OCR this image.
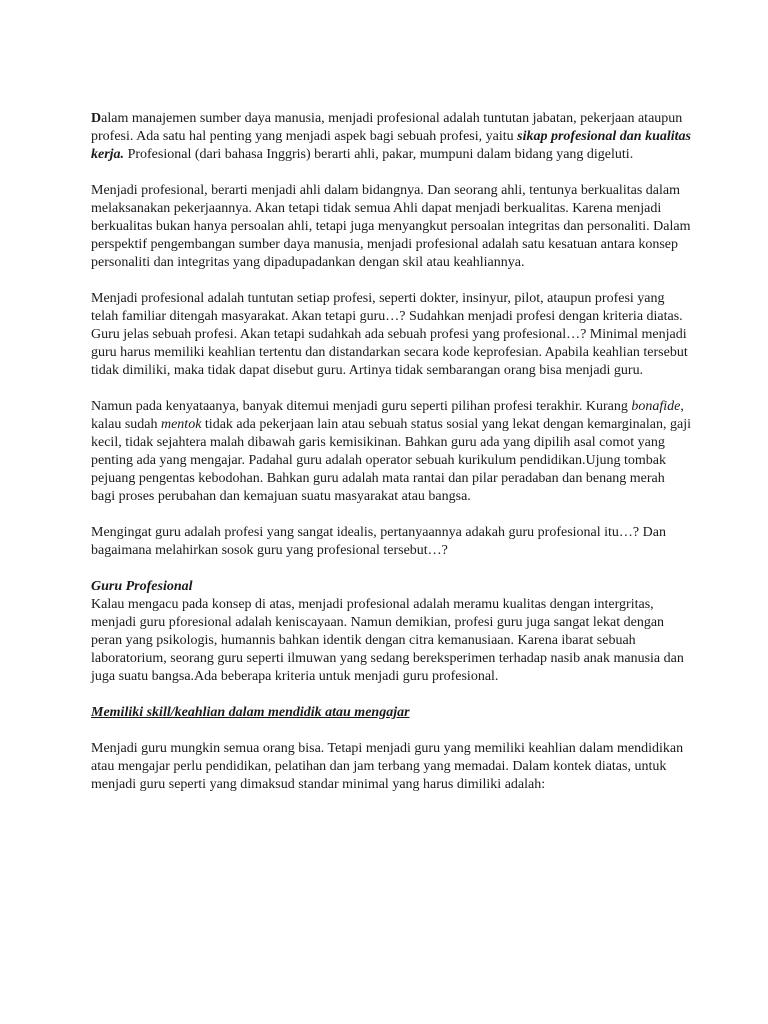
Dalam manajemen sumber daya manusia, menjadi profesional adalah tuntutan jabatan, pekerjaan ataupun profesi. Ada satu hal penting yang menjadi aspek bagi sebuah profesi, yaitu sikap profesional dan kualitas kerja. Profesional (dari bahasa Inggris) berarti ahli, pakar, mumpuni dalam bidang yang digeluti.

Menjadi profesional, berarti menjadi ahli dalam bidangnya. Dan seorang ahli, tentunya berkualitas dalam melaksanakan pekerjaannya. Akan tetapi tidak semua Ahli dapat menjadi berkualitas. Karena menjadi berkualitas bukan hanya persoalan ahli, tetapi juga menyangkut persoalan integritas dan personaliti. Dalam perspektif pengembangan sumber daya manusia, menjadi profesional adalah satu kesatuan antara konsep personaliti dan integritas yang dipadupadankan dengan skil atau keahliannya.

Menjadi profesional adalah tuntutan setiap profesi, seperti dokter, insinyur, pilot, ataupun profesi yang telah familiar ditengah masyarakat. Akan tetapi guru…? Sudahkan menjadi profesi dengan kriteria diatas. Guru jelas sebuah profesi. Akan tetapi sudahkah ada sebuah profesi yang profesional…? Minimal menjadi guru harus memiliki keahlian tertentu dan distandarkan secara kode keprofesian. Apabila keahlian tersebut tidak dimiliki, maka tidak dapat disebut guru. Artinya tidak sembarangan orang bisa menjadi guru.

Namun pada kenyataanya, banyak ditemui menjadi guru seperti pilihan profesi terakhir. Kurang bonafide, kalau sudah mentok tidak ada pekerjaan lain atau sebuah status sosial yang lekat dengan kemarginalan, gaji kecil, tidak sejahtera malah dibawah garis kemisikinan. Bahkan guru ada yang dipilih asal comot yang penting ada yang mengajar. Padahal guru adalah operator sebuah kurikulum pendidikan.Ujung tombak pejuang pengentas kebodohan. Bahkan guru adalah mata rantai dan pilar peradaban dan benang merah bagi proses perubahan dan kemajuan suatu masyarakat atau bangsa.

Mengingat guru adalah profesi yang sangat idealis, pertanyaannya adakah guru profesional itu…? Dan bagaimana melahirkan sosok guru yang profesional tersebut…?

Guru Profesional

Kalau mengacu pada konsep di atas, menjadi profesional adalah meramu kualitas dengan intergritas, menjadi guru pforesional adalah keniscayaan. Namun demikian, profesi guru juga sangat lekat dengan peran yang psikologis, humannis bahkan identik dengan citra kemanusiaan. Karena ibarat sebuah laboratorium, seorang guru seperti ilmuwan yang sedang bereksperimen terhadap nasib anak manusia dan juga suatu bangsa.Ada beberapa kriteria untuk menjadi guru profesional.

Memiliki skill/keahlian dalam mendidik atau mengajar

Menjadi guru mungkin semua orang bisa. Tetapi menjadi guru yang memiliki keahlian dalam mendidikan atau mengajar perlu pendidikan, pelatihan dan jam terbang yang memadai. Dalam kontek diatas, untuk menjadi guru seperti yang dimaksud standar minimal yang harus dimiliki adalah:
